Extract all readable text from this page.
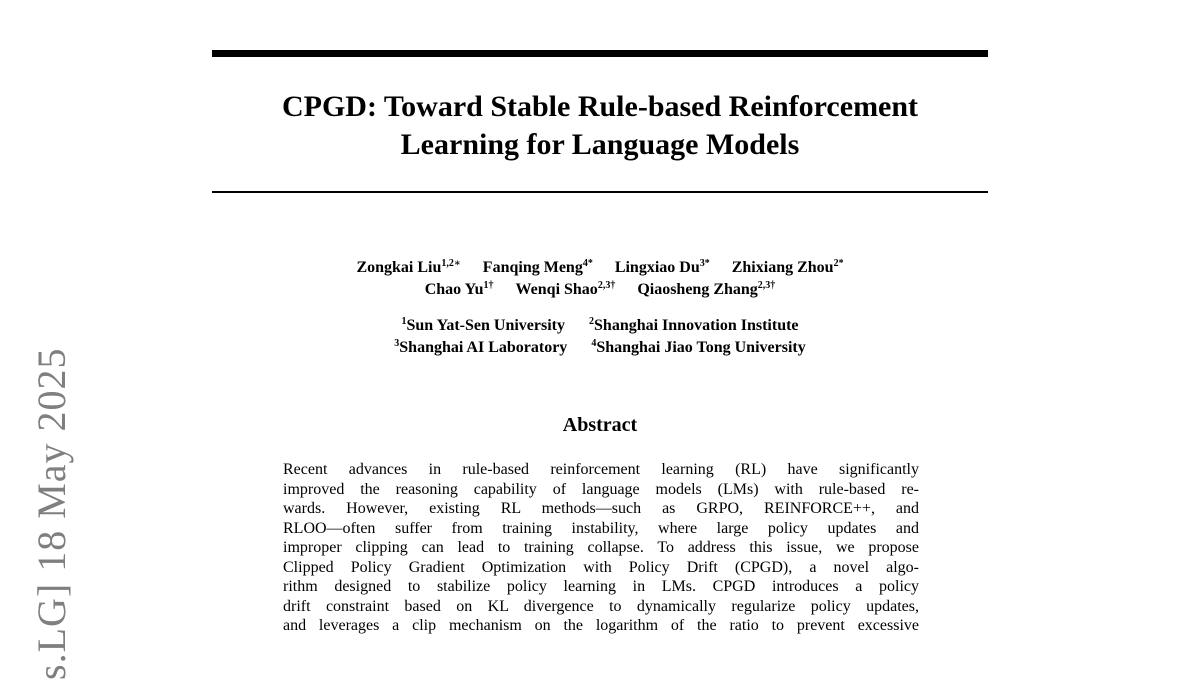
CPGD: Toward Stable Rule-based Reinforcement
Learning for Language Models
Zongkai Liu$^{1,2∗}$ Fanqing Meng$^{4*}$ Lingxiao $Du^{3*}$ Zhixiang Zhou$^{2*}$
Chao $Yu^{1\dagger}$ Wenqi Shao$^{2,3\dagger}$ Qiaosheng Zhang$^{2,3\dagger}$
$^1$Sun Yat-Sen University $^2$Shanghai Innovation Institute
$^3$Shanghai AI Laboratory $^4$Shanghai Jiao Tong University
Abstract
Recent advances in rule-based reinforcement learning (RL) have significantly
improved the reasoning capability of language models (LMs) with rule-based re-
wards. However, existing RL methods—such as GRPO, REINFORCE++, and
RLOO—often suffer from training instability, where large policy updates and
improper clipping can lead to training collapse. To address this issue, we propose
Clipped Policy Gradient Optimization with Policy Drift (CPGD), a novel algo-
rithm designed to stabilize policy learning in LMs. CPGD introduces a policy
drift constraint based on KL divergence to dynamically regularize policy updates,
and leverages a clip mechanism on the logarithm of the ratio to prevent excessive
s.LG] 18 May 2025
